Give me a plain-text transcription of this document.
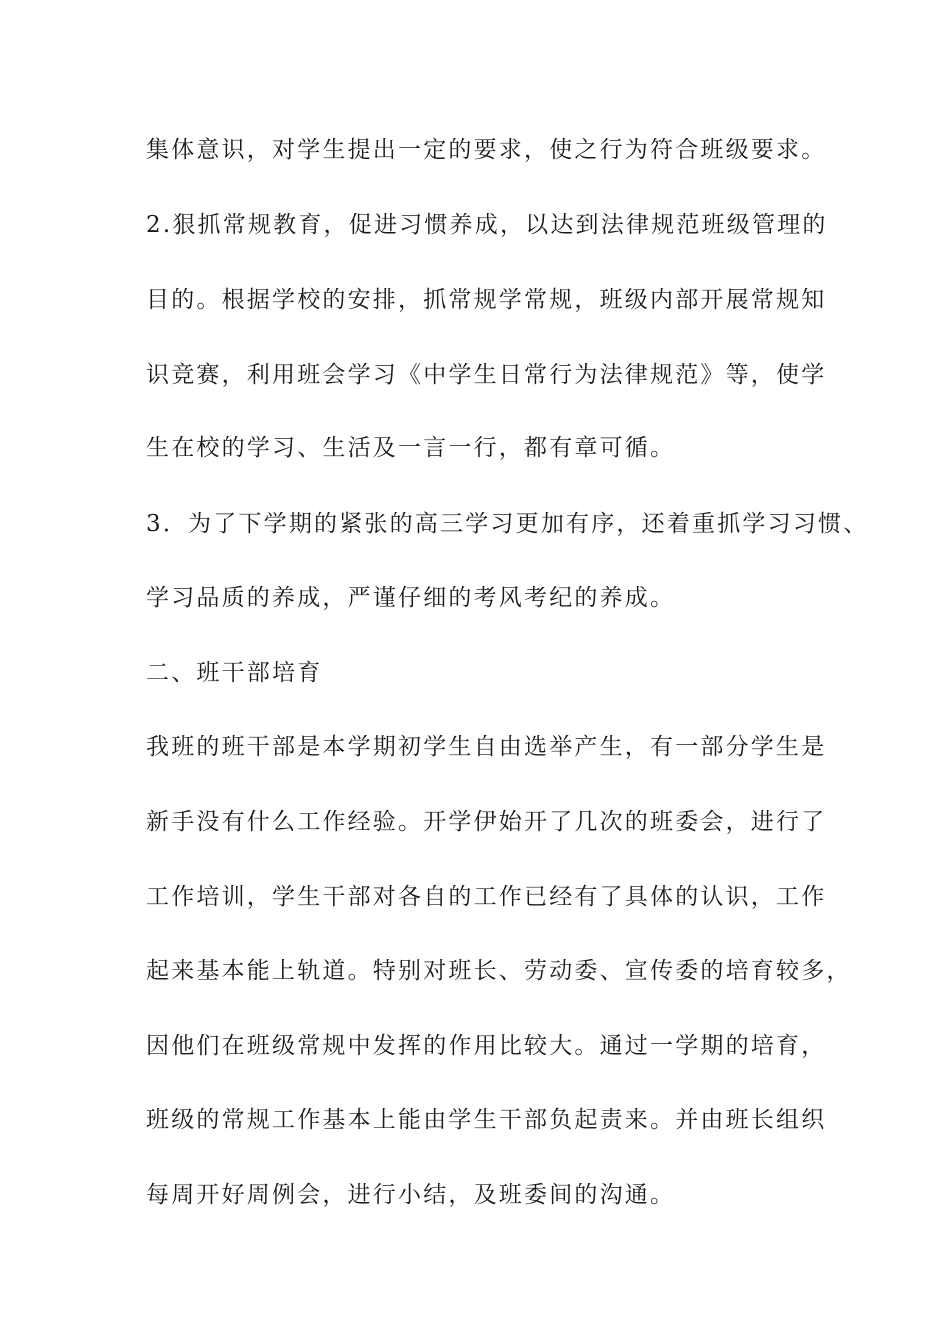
集体意识，对学生提出一定的要求，使之行为符合班级要求。
2.狠抓常规教育，促进习惯养成，以达到法律规范班级管理的
目的。根据学校的安排，抓常规学常规，班级内部开展常规知
识竞赛，利用班会学习《中学生日常行为法律规范》等，使学
生在校的学习、生活及一言一行，都有章可循。
3．为了下学期的紧张的高三学习更加有序，还着重抓学习习惯、
学习品质的养成，严谨仔细的考风考纪的养成。
二、班干部培育
我班的班干部是本学期初学生自由选举产生，有一部分学生是
新手没有什么工作经验。开学伊始开了几次的班委会，进行了
工作培训，学生干部对各自的工作已经有了具体的认识，工作
起来基本能上轨道。特别对班长、劳动委、宣传委的培育较多，
因他们在班级常规中发挥的作用比较大。通过一学期的培育，
班级的常规工作基本上能由学生干部负起责来。并由班长组织
每周开好周例会，进行小结，及班委间的沟通。
